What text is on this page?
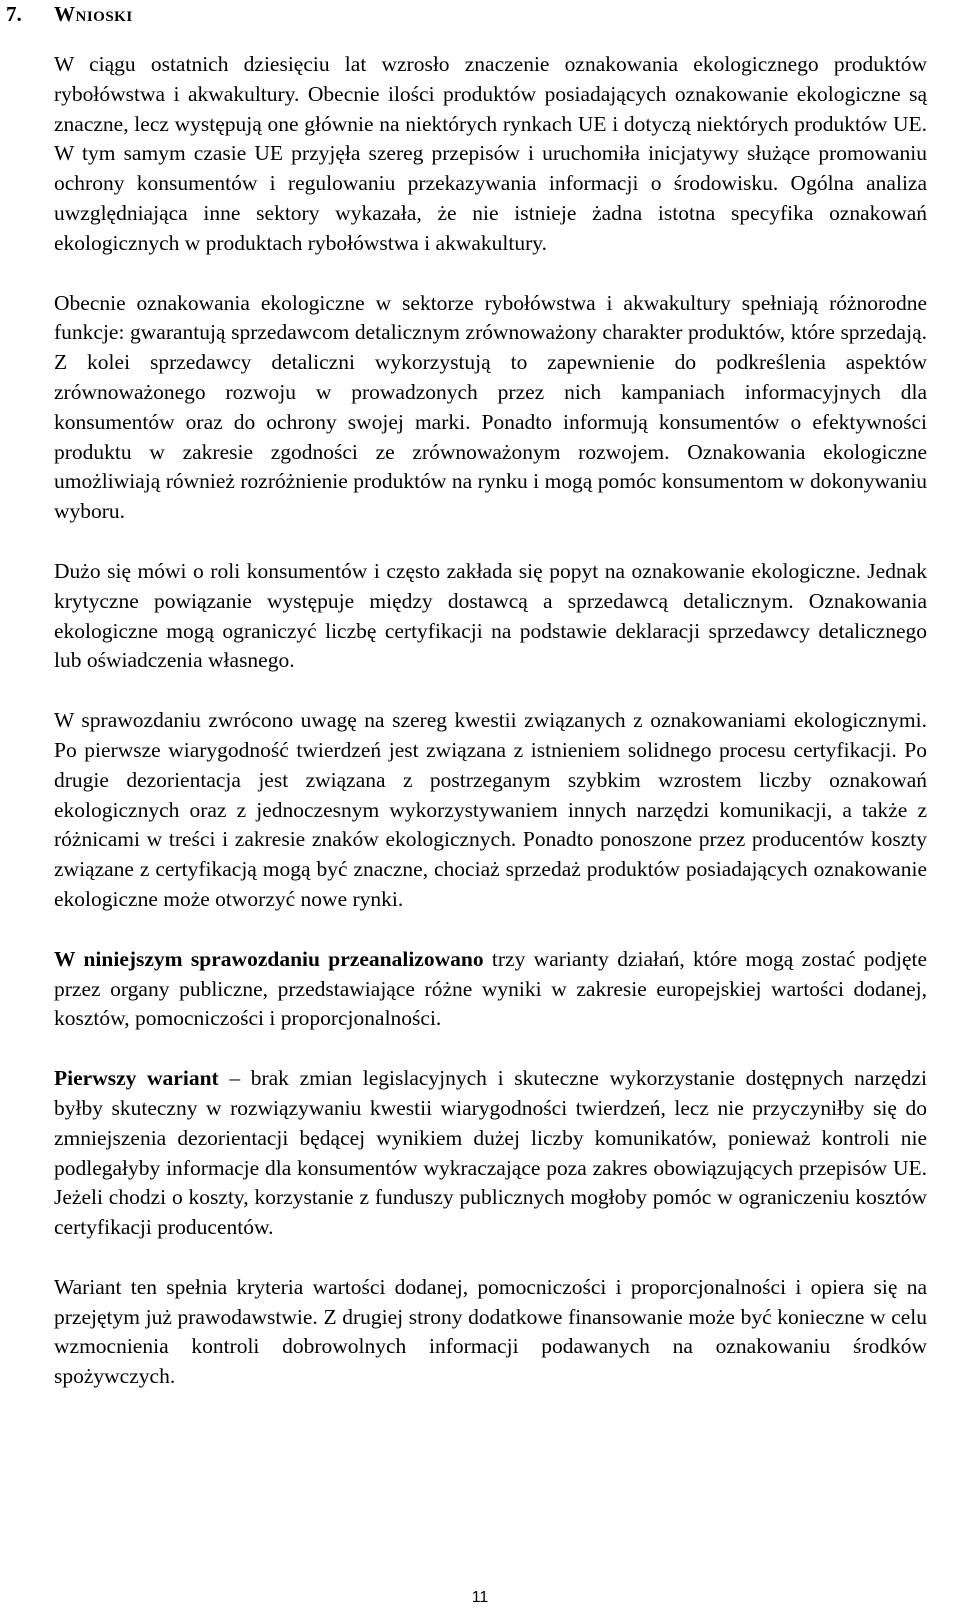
7. Wnioski

W ciągu ostatnich dziesięciu lat wzrosło znaczenie oznakowania ekologicznego produktów rybołówstwa i akwakultury. Obecnie ilości produktów posiadających oznakowanie ekologiczne są znaczne, lecz występują one głównie na niektórych rynkach UE i dotyczą niektórych produktów UE. W tym samym czasie UE przyjęła szereg przepisów i uruchomiła inicjatywy służące promowaniu ochrony konsumentów i regulowaniu przekazywania informacji o środowisku. Ogólna analiza uwzględniająca inne sektory wykazała, że nie istnieje żadna istotna specyfika oznakowań ekologicznych w produktach rybołówstwa i akwakultury.

Obecnie oznakowania ekologiczne w sektorze rybołówstwa i akwakultury spełniają różnorodne funkcje: gwarantują sprzedawcom detalicznym zrównoważony charakter produktów, które sprzedają. Z kolei sprzedawcy detaliczni wykorzystują to zapewnienie do podkreślenia aspektów zrównoważonego rozwoju w prowadzonych przez nich kampaniach informacyjnych dla konsumentów oraz do ochrony swojej marki. Ponadto informują konsumentów o efektywności produktu w zakresie zgodności ze zrównoważonym rozwojem. Oznakowania ekologiczne umożliwiają również rozróżnienie produktów na rynku i mogą pomóc konsumentom w dokonywaniu wyboru.

Dużo się mówi o roli konsumentów i często zakłada się popyt na oznakowanie ekologiczne. Jednak krytyczne powiązanie występuje między dostawcą a sprzedawcą detalicznym. Oznakowania ekologiczne mogą ograniczyć liczbę certyfikacji na podstawie deklaracji sprzedawcy detalicznego lub oświadczenia własnego.

W sprawozdaniu zwrócono uwagę na szereg kwestii związanych z oznakowaniami ekologicznymi. Po pierwsze wiarygodność twierdzeń jest związana z istnieniem solidnego procesu certyfikacji. Po drugie dezorientacja jest związana z postrzeganym szybkim wzrostem liczby oznakowań ekologicznych oraz z jednoczesnym wykorzystywaniem innych narzędzi komunikacji, a także z różnicami w treści i zakresie znaków ekologicznych. Ponadto ponoszone przez producentów koszty związane z certyfikacją mogą być znaczne, chociaż sprzedaż produktów posiadających oznakowanie ekologiczne może otworzyć nowe rynki.

W niniejszym sprawozdaniu przeanalizowano trzy warianty działań, które mogą zostać podjęte przez organy publiczne, przedstawiające różne wyniki w zakresie europejskiej wartości dodanej, kosztów, pomocniczości i proporcjonalności.

Pierwszy wariant – brak zmian legislacyjnych i skuteczne wykorzystanie dostępnych narzędzi byłby skuteczny w rozwiązywaniu kwestii wiarygodności twierdzeń, lecz nie przyczyniłby się do zmniejszenia dezorientacji będącej wynikiem dużej liczby komunikatów, ponieważ kontroli nie podlegałyby informacje dla konsumentów wykraczające poza zakres obowiązujących przepisów UE. Jeżeli chodzi o koszty, korzystanie z funduszy publicznych mogłoby pomóc w ograniczeniu kosztów certyfikacji producentów.

Wariant ten spełnia kryteria wartości dodanej, pomocniczości i proporcjonalności i opiera się na przejętym już prawodawstwie. Z drugiej strony dodatkowe finansowanie może być konieczne w celu wzmocnienia kontroli dobrowolnych informacji podawanych na oznakowaniu środków spożywczych.

11
